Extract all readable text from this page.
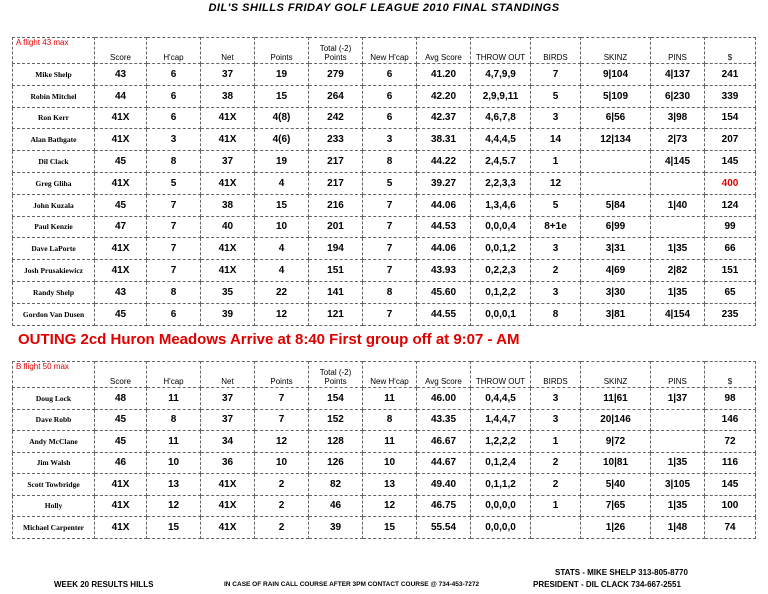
DIL'S SHILLS FRIDAY GOLF LEAGUE 2010 FINAL STANDINGS
A flight 43 max	Score	H'cap	Net	Points	Total (-2) Points	New H'cap	Avg Score	THROW OUT	BIRDS	SKINZ	PINS	$
Mike Shelp	43	6	37	19	279	6	41.20	4,7,9,9	7	9|104	4|137	241
Robin Mitchel	44	6	38	15	264	6	42.20	2,9,9,11	5	5|109	6|230	339
Ron Kerr	41X	6	41X	4(8)	242	6	42.37	4,6,7,8	3	6|56	3|98	154
Alan Bathgate	41X	3	41X	4(6)	233	3	38.31	4,4,4,5	14	12|134	2|73	207
Dil Clack	45	8	37	19	217	8	44.22	2,4,5.7	1		4|145	145
Greg Gliha	41X	5	41X	4	217	5	39.27	2,2,3,3	12			400
John Kuzala	45	7	38	15	216	7	44.06	1,3,4,6	5	5|84	1|40	124
Paul Kenzie	47	7	40	10	201	7	44.53	0,0,0,4	8+1e	6|99		99
Dave LaPorte	41X	7	41X	4	194	7	44.06	0,0,1,2	3	3|31	1|35	66
Josh Prusakiewicz	41X	7	41X	4	151	7	43.93	0,2,2,3	2	4|69	2|82	151
Randy Shelp	43	8	35	22	141	8	45.60	0,1,2,2	3	3|30	1|35	65
Gordon Van Dusen	45	6	39	12	121	7	44.55	0,0,0,1	8	3|81	4|154	235
OUTING 2cd Huron Meadows Arrive at 8:40 First group off at 9:07 - AM
B flight 50 max	Score	H'cap	Net	Points	Total (-2) Points	New H'cap	Avg Score	THROW OUT	BIRDS	SKINZ	PINS	$
Doug Lock	48	11	37	7	154	11	46.00	0,4,4,5	3	11|61	1|37	98
Dave Robb	45	8	37	7	152	8	43.35	1,4,4,7	3	20|146		146
Andy McClane	45	11	34	12	128	11	46.67	1,2,2,2	1	9|72		72
Jim Walsh	46	10	36	10	126	10	44.67	0,1,2,4	2	10|81	1|35	116
Scott Towbridge	41X	13	41X	2	82	13	49.40	0,1,1,2	2	5|40	3|105	145
Holly	41X	12	41X	2	46	12	46.75	0,0,0,0	1	7|65	1|35	100
Michael Carpenter	41X	15	41X	2	39	15	55.54	0,0,0,0		1|26	1|48	74
STATS - MIKE SHELP 313-805-8770
PRESIDENT - DIL CLACK 734-667-2551
WEEK 20 RESULTS HILLS	IN CASE OF RAIN CALL COURSE AFTER 3PM CONTACT COURSE @ 734-453-7272
